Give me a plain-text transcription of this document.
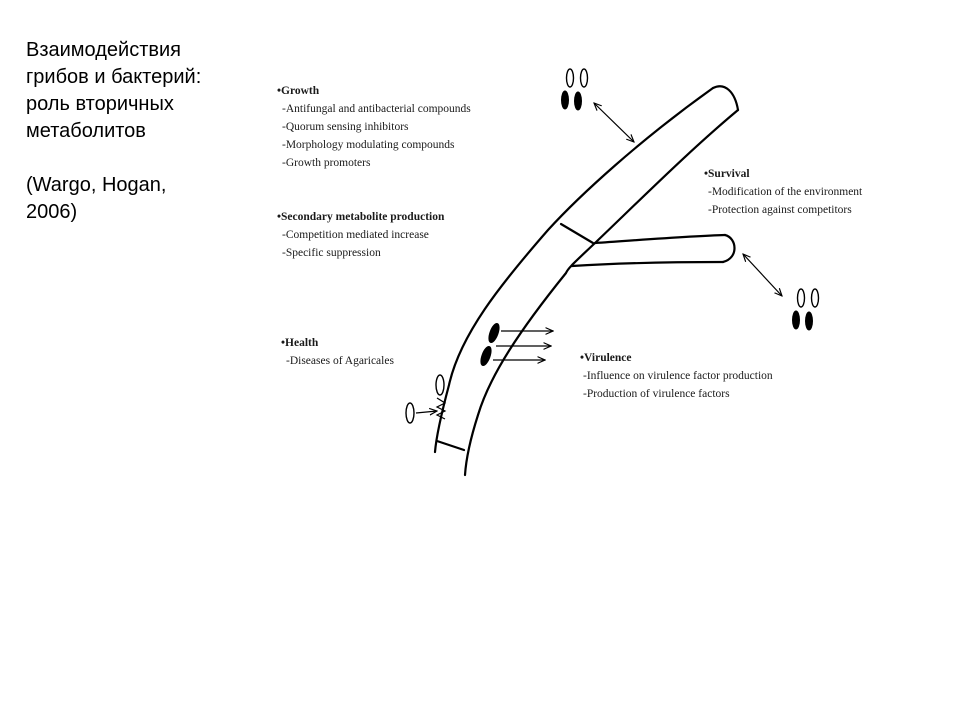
Взаимодействия
грибов и бактерий:
роль вторичных
метаболитов
(Wargo, Hogan,
2006)
•Growth
-Antifungal and antibacterial compounds
-Quorum sensing inhibitors
-Morphology modulating compounds
-Growth promoters
•Secondary metabolite production
-Competition mediated increase
-Specific suppression
•Health
-Diseases of Agaricales
•Survival
-Modification of the environment
-Protection against competitors
•Virulence
-Influence on virulence factor production
-Production of virulence factors
